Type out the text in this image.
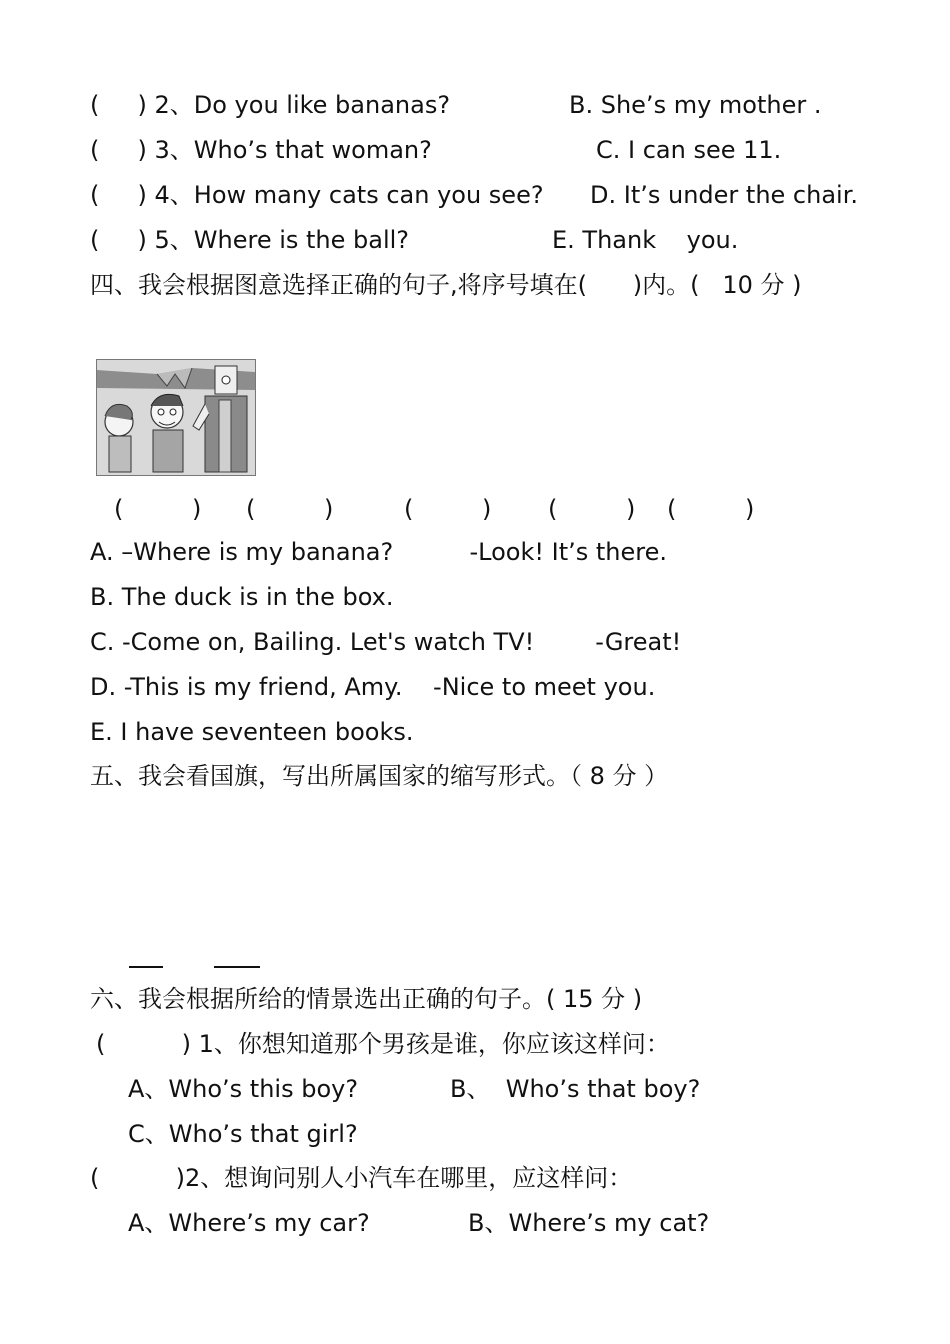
(     ) 2、Do you like bananas?	B. She’s my mother .
(     ) 3、Who’s that woman?	C. I can see 11.
(     ) 4、How many cats can you see? D. It’s under the chair.
(     ) 5、Where is the ball?	E. Thank    you.
四、我会根据图意选择正确的句子,将序号填在(      )内。(   10 分 )
(         ) (         )	(         ) (         ) (         )
A. –Where is my banana?          -Look! It’s there.
B. The duck is in the box.
C. -Come on, Bailing. Let's watch TV!        -Great!
D. -This is my friend, Amy.    -Nice to meet you.
E. I have seventeen books.
五、我会看国旗，写出所属国家的缩写形式。（ 8 分 ）
六、我会根据所给的情景选出正确的句子。( 15 分 )
(          ) 1、你想知道那个男孩是谁，你应该这样问：
A、Who’s this boy?	B、  Who’s that boy?
C、Who’s that girl?
(          )2、想询问别人小汽车在哪里，应这样问：
A、Where’s my car?	B、Where’s my cat?
